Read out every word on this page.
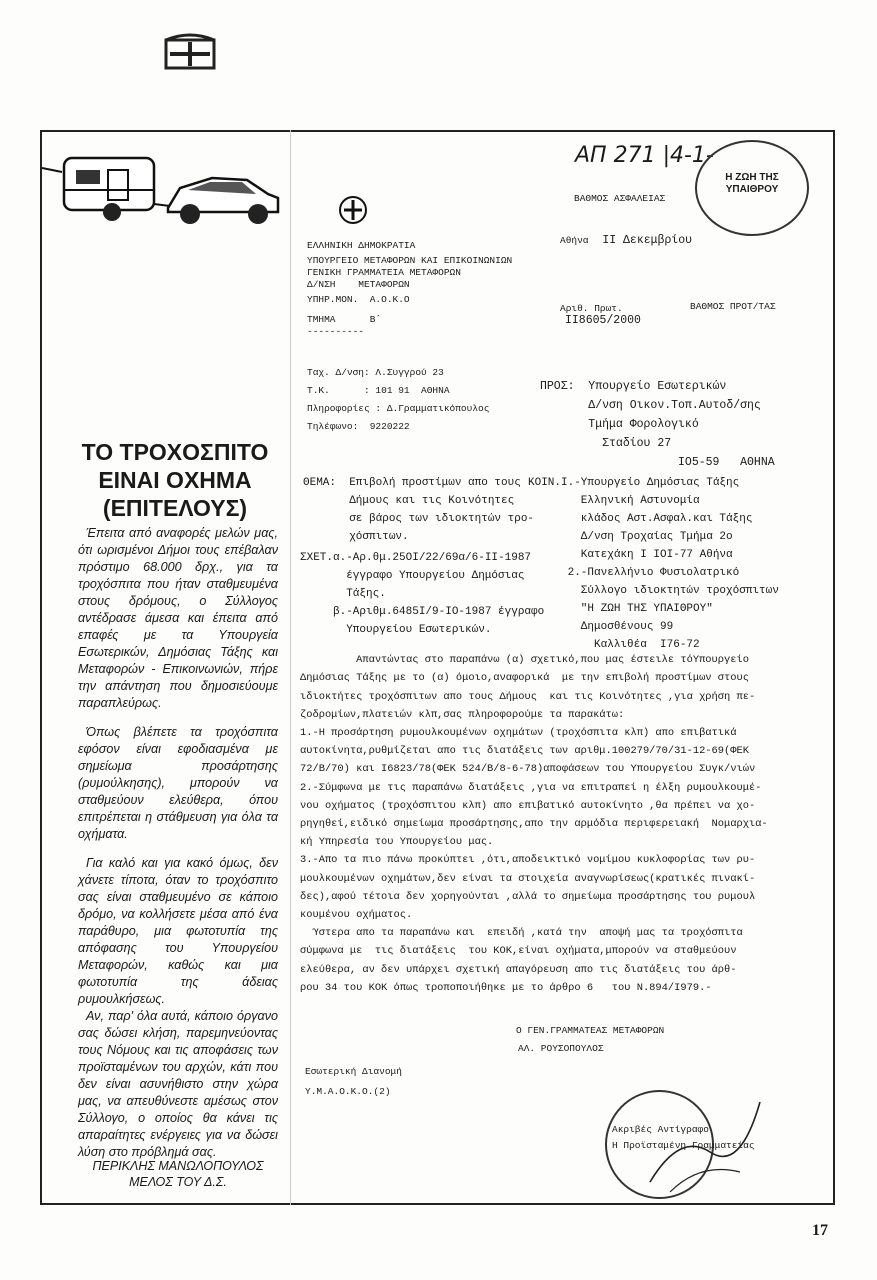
ΑΠ 271 |4-1-
Η ΖΩΗ ΤΗΣ ΥΠΑΙΘΡΟΥ
ΒΑΘΜΟΣ ΑΣΦΑΛΕΙΑΣ

ΕΛΛΗΝΙΚΗ ΔΗΜΟΚΡΑΤΙΑ
ΥΠΟΥΡΓΕΙΟ ΜΕΤΑΦΟΡΩΝ ΚΑΙ ΕΠΙΚΟΙΝΩΝΙΩΝ
ΓΕΝΙΚΗ ΓΡΑΜΜΑΤΕΙΑ ΜΕΤΑΦΟΡΩΝ
Δ/ΝΣΗ    ΜΕΤΑΦΟΡΩΝ
ΥΠΗΡ.ΜΟΝ.  Α.Ο.Κ.Ο
ΤΜΗΜΑ      Β΄
----------

Αθήνα ΙΙ Δεκεμβρίου
Αριθ. Πρωτ.
ΙΙ8605/2000
ΒΑΘΜΟΣ ΠΡΟΤ/ΤΑΣ

Ταχ. Δ/νση: Λ.Συγγρού 23
Τ.Κ.      : 101 91  ΑΘΗΝΑ
Πληροφορίες : Δ.Γραμματικόπουλος
Τηλέφωνο:  9220222

ΠΡΟΣ:  Υπουργείο Εσωτερικών
Δ/νση Οικον.Τοπ.Αυτοδ/σης
Τμήμα Φορολογικό
Σταδίου 27
ΙΟ5-59   ΑΘΗΝΑ

ΘΕΜΑ:  Επιβολή προστίμων απο τους
Δήμους και τις Κοινότητες
σε βάρος των ιδιοκτητών τρο-
χόσπιτων.

ΣΧΕΤ.α.-Αρ.θμ.25ΟΙ/22/69α/6-ΙΙ-1987
έγγραφο Υπουργείου Δημόσιας
Τάξης.
β.-Αριθμ.6485Ι/9-ΙΟ-1987 έγγραφο
Υπουργείου Εσωτερικών.

ΚΟΙΝ.Ι.-Υπουργείο Δημόσιας Τάξης
Ελληνική Αστυνομία
κλάδος Αστ.Ασφαλ.και Τάξης
Δ/νση Τροχαίας Τμήμα 2ο
Κατεχάκη Ι ΙΟΙ-77 Αθήνα
2.-Πανελλήνιο Φυσιολατρικό
Σύλλογο ιδιοκτητών τροχόσπιτων
"Η ΖΩΗ ΤΗΣ ΥΠΑΙΘΡΟΥ"
Δημοσθένους 99
Καλλιθέα  Ι76-72

Απαντώντας στο παραπάνω (α) σχετικό,που μας έστειλε τόΥπουργείο
Δημόσιας Τάξης με το (α) όμοιο,αναφορικά  με την επιβολή προστίμων στους
ιδιοκτήτες τροχόσπιτων απο τους Δήμους  και τις Κοινότητες ,για χρήση πε-
ζοδρομίων,πλατειών κλπ,σας πληροφορούμε τα παρακάτω:
1.-Η προσάρτηση ρυμουλκουμένων οχημάτων (τροχόσπιτα κλπ) απο επιβατικά
αυτοκίνητα,ρυθμίζεται απο τις διατάξεις των αριθμ.100279/70/31-12-69(ΦΕΚ
72/Β/70) και Ι6823/78(ΦΕΚ 524/Β/8-6-78)αποφάσεων του Υπουργείου Συγκ/νιών
2.-Σύμφωνα με τις παραπάνω διατάξεις ,για να επιτραπεί η έλξη ρυμουλκουμέ-
νου οχήματος (τροχόσπιτου κλπ) απο επιβατικό αυτοκίνητο ,θα πρέπει να χο-
ρηγηθεί,ειδικό σημείωμα προσάρτησης,απο την αρμόδια περιφερειακή  Νομαρχια-
κή Υπηρεσία του Υπουργείου μας.
3.-Απο τα πιο πάνω προκύπτει ,ότι,αποδεικτικό νομίμου κυκλοφορίας των ρυ-
μουλκουμένων οχημάτων,δεν είναι τα στοιχεία αναγνωρίσεως(κρατικές πινακί-
δες),αφού τέτοια δεν χορηγούνται ,αλλά το σημείωμα προσάρτησης του ρυμουλ
κουμένου οχήματος.
Ύστερα απο τα παραπάνω και  επειδή ,κατά την  αποψή μας τα τροχόσπιτα
σύμφωνα με  τις διατάξεις  του ΚΟΚ,είναι οχήματα,μπορούν να σταθμεύουν
ελεύθερα, αν δεν υπάρχει σχετική απαγόρευση απο τις διατάξεις του άρθ-
ρου 34 του ΚΟΚ όπως τροποποιήθηκε με το άρθρο 6   του Ν.894/Ι979.-

Ο ΓΕΝ.ΓΡΑΜΜΑΤΕΑΣ ΜΕΤΑΦΟΡΩΝ
ΑΛ. ΡΟΥΣΟΠΟΥΛΟΣ

Εσωτερική Διανομή
Υ.Μ.Α.Ο.Κ.Ο.(2)

Ακριβές Αντίγραφο
Η Προϊσταμένη Γραμματείας

ΤΟ ΤΡΟΧΟΣΠΙΤΟ
ΕΙΝΑΙ ΟΧΗΜΑ
(ΕΠΙΤΕΛΟΥΣ)

Έπειτα από αναφορές μελών μας, ότι ωρισμένοι Δήμοι τους επέβαλαν πρόστιμο 68.000 δρχ., για τα τροχόσπιτα που ήταν σταθμευμένα στους δρόμους, ο Σύλλογος αντέδρασε άμεσα και έπειτα από επαφές με τα Υπουργεία Εσωτερικών, Δημόσιας Τάξης και Μεταφορών - Επικοινωνιών, πήρε την απάντηση που δημοσιεύουμε παραπλεύρως.

Όπως βλέπετε τα τροχόσπιτα εφόσον είναι εφοδιασμένα με σημείωμα προσάρτησης (ρυμούλκησης), μπορούν να σταθμεύουν ελεύθερα, όπου επιτρέπεται η στάθμευση για όλα τα οχήματα.

Για καλό και για κακό όμως, δεν χάνετε τίποτα, όταν το τροχόσπιτο σας είναι σταθμευμένο σε κάποιο δρόμο, να κολλήσετε μέσα από ένα παράθυρο, μια φωτοτυπία της απόφασης του Υπουργείου Μεταφορών, καθώς και μια φωτοτυπία της άδειας ρυμουλκήσεως.

Αν, παρ' όλα αυτά, κάποιο όργανο σας δώσει κλήση, παρεμηνεύοντας τους Νόμους και τις αποφάσεις των προϊσταμένων του αρχών, κάτι που δεν είναι ασυνήθιστο στην χώρα μας, να απευθύνεστε αμέσως στον Σύλλογο, ο οποίος θα κάνει τις απαραίτητες ενέργειες για να δώσει λύση στο πρόβλημά σας.

ΠΕΡΙΚΛΗΣ ΜΑΝΩΛΟΠΟΥΛΟΣ
ΜΕΛΟΣ ΤΟΥ Δ.Σ.
17
